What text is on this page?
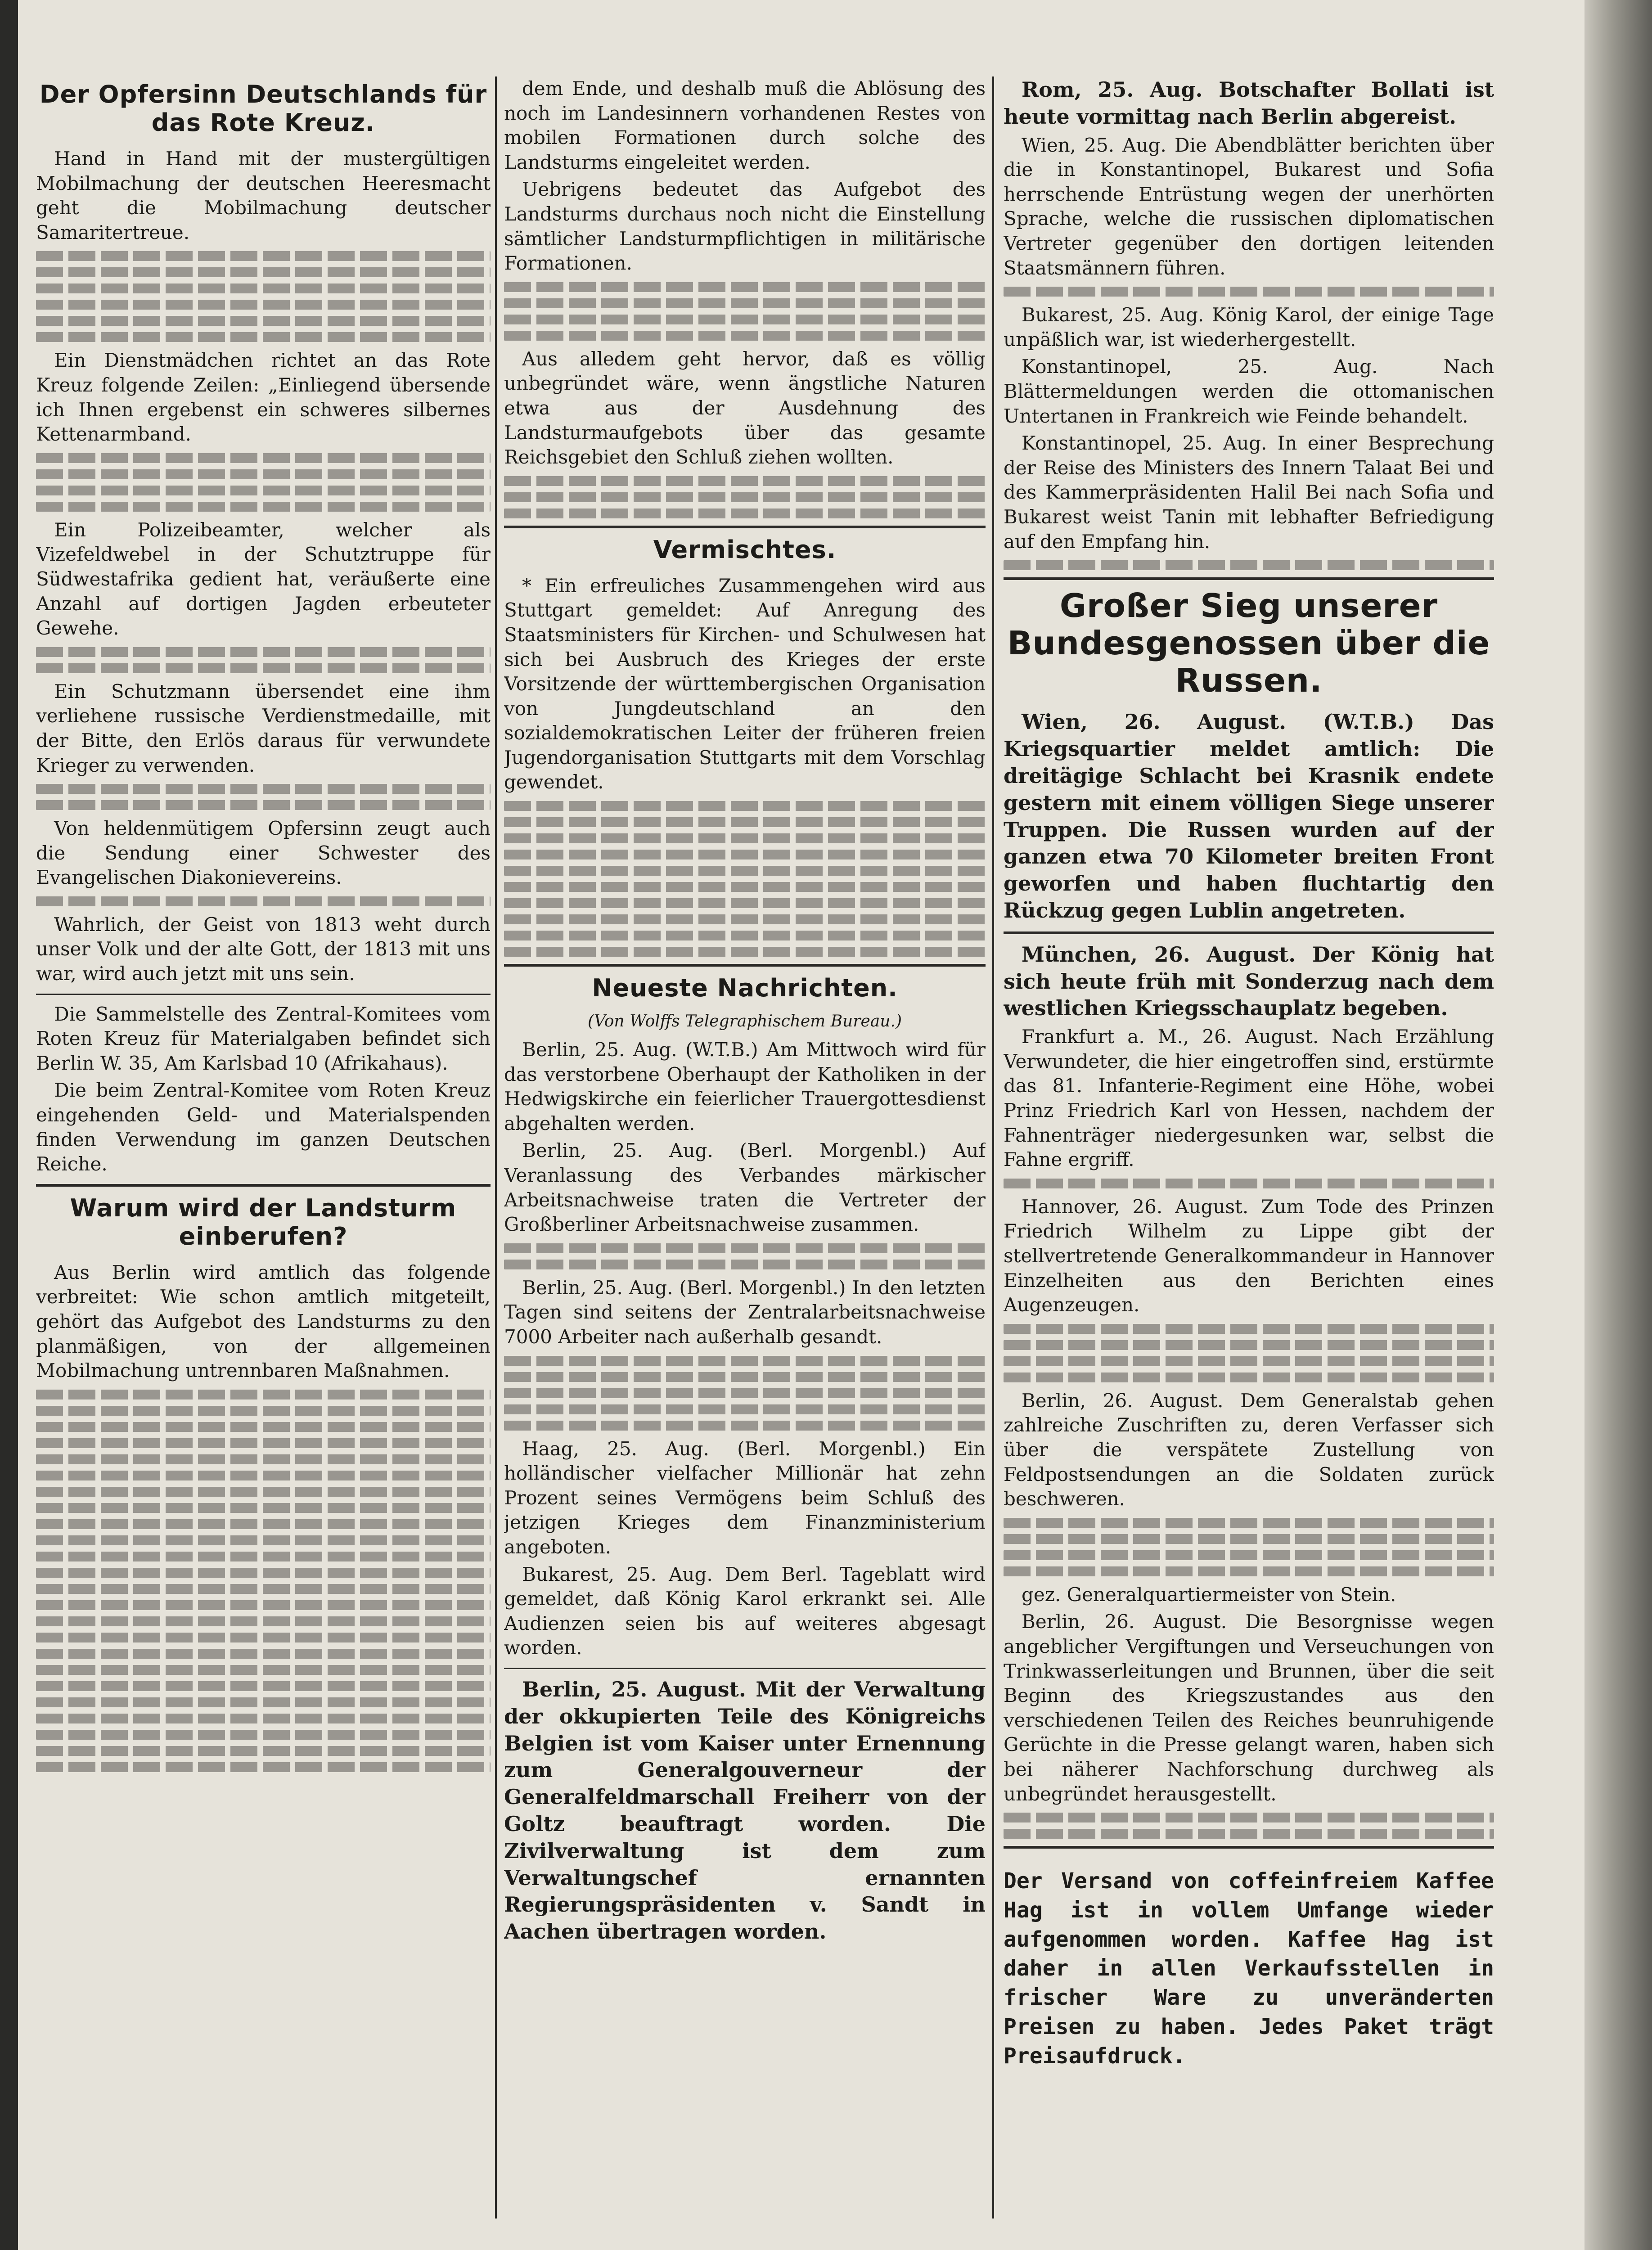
Der Opfersinn Deutschlands für das Rote Kreuz.

Hand in Hand mit der mustergültigen Mobilmachung der deutschen Heeresmacht geht die Mobilmachung deutscher Samaritertreue.

Ein Dienstmädchen richtet an das Rote Kreuz folgende Zeilen: „Einliegend übersende ich Ihnen ergebenst ein schweres silbernes Kettenarmband.

Ein Polizeibeamter, welcher als Vizefeldwebel in der Schutztruppe für Südwestafrika gedient hat, veräußerte eine Anzahl auf dortigen Jagden erbeuteter Gewehe.

Ein Schutzmann übersendet eine ihm verliehene russische Verdienstmedaille, mit der Bitte, den Erlös daraus für verwundete Krieger zu verwenden.

Von heldenmütigem Opfersinn zeugt auch die Sendung einer Schwester des Evangelischen Diakonievereins.

Wahrlich, der Geist von 1813 weht durch unser Volk und der alte Gott, der 1813 mit uns war, wird auch jetzt mit uns sein.

Die Sammelstelle des Zentral-Komitees vom Roten Kreuz für Materialgaben befindet sich Berlin W. 35, Am Karlsbad 10 (Afrikahaus).

Die beim Zentral-Komitee vom Roten Kreuz eingehenden Geld- und Materialspenden finden Verwendung im ganzen Deutschen Reiche.

Warum wird der Landsturm einberufen?

Aus Berlin wird amtlich das folgende verbreitet: Wie schon amtlich mitgeteilt, gehört das Aufgebot des Landsturms zu den planmäßigen, von der allgemeinen Mobilmachung untrennbaren Maßnahmen.

dem Ende, und deshalb muß die Ablösung des noch im Landesinnern vorhandenen Restes von mobilen Formationen durch solche des Landsturms eingeleitet werden.

Uebrigens bedeutet das Aufgebot des Landsturms durchaus noch nicht die Einstellung sämtlicher Landsturmpflichtigen in militärische Formationen.

Aus alledem geht hervor, daß es völlig unbegründet wäre, wenn ängstliche Naturen etwa aus der Ausdehnung des Landsturmaufgebots über das gesamte Reichsgebiet den Schluß ziehen wollten.

Vermischtes.

* Ein erfreuliches Zusammengehen wird aus Stuttgart gemeldet: Auf Anregung des Staatsministers für Kirchen- und Schulwesen hat sich bei Ausbruch des Krieges der erste Vorsitzende der württembergischen Organisation von Jungdeutschland an den sozialdemokratischen Leiter der früheren freien Jugendorganisation Stuttgarts mit dem Vorschlag gewendet.

Neueste Nachrichten.
(Von Wolffs Telegraphischem Bureau.)

Berlin, 25. Aug. (W.T.B.) Am Mittwoch wird für das verstorbene Oberhaupt der Katholiken in der Hedwigskirche ein feierlicher Trauergottesdienst abgehalten werden.

Berlin, 25. Aug. (Berl. Morgenbl.) Auf Veranlassung des Verbandes märkischer Arbeitsnachweise traten die Vertreter der Großberliner Arbeitsnachweise zusammen.

Berlin, 25. Aug. (Berl. Morgenbl.) In den letzten Tagen sind seitens der Zentralarbeitsnachweise 7000 Arbeiter nach außerhalb gesandt.

Haag, 25. Aug. (Berl. Morgenbl.) Ein holländischer vielfacher Millionär hat zehn Prozent seines Vermögens beim Schluß des jetzigen Krieges dem Finanzministerium angeboten.

Bukarest, 25. Aug. Dem Berl. Tageblatt wird gemeldet, daß König Karol erkrankt sei. Alle Audienzen seien bis auf weiteres abgesagt worden.

Berlin, 25. August. Mit der Verwaltung der okkupierten Teile des Königreichs Belgien ist vom Kaiser unter Ernennung zum Generalgouverneur der Generalfeldmarschall Freiherr von der Goltz beauftragt worden. Die Zivilverwaltung ist dem zum Verwaltungschef ernannten Regierungspräsidenten v. Sandt in Aachen übertragen worden.

Rom, 25. Aug. Botschafter Bollati ist heute vormittag nach Berlin abgereist.

Wien, 25. Aug. Die Abendblätter berichten über die in Konstantinopel, Bukarest und Sofia herrschende Entrüstung wegen der unerhörten Sprache, welche die russischen diplomatischen Vertreter gegenüber den dortigen leitenden Staatsmännern führen.

Bukarest, 25. Aug. König Karol, der einige Tage unpäßlich war, ist wiederhergestellt.

Konstantinopel, 25. Aug. Nach Blättermeldungen werden die ottomanischen Untertanen in Frankreich wie Feinde behandelt.

Konstantinopel, 25. Aug. In einer Besprechung der Reise des Ministers des Innern Talaat Bei und des Kammerpräsidenten Halil Bei nach Sofia und Bukarest weist Tanin mit lebhafter Befriedigung auf den Empfang hin.

Großer Sieg unserer Bundesgenossen über die Russen.

Wien, 26. August. (W.T.B.) Das Kriegsquartier meldet amtlich: Die dreitägige Schlacht bei Krasnik endete gestern mit einem völligen Siege unserer Truppen. Die Russen wurden auf der ganzen etwa 70 Kilometer breiten Front geworfen und haben fluchtartig den Rückzug gegen Lublin angetreten.

München, 26. August. Der König hat sich heute früh mit Sonderzug nach dem westlichen Kriegsschauplatz begeben.

Frankfurt a. M., 26. August. Nach Erzählung Verwundeter, die hier eingetroffen sind, erstürmte das 81. Infanterie-Regiment eine Höhe, wobei Prinz Friedrich Karl von Hessen, nachdem der Fahnenträger niedergesunken war, selbst die Fahne ergriff.

Hannover, 26. August. Zum Tode des Prinzen Friedrich Wilhelm zu Lippe gibt der stellvertretende Generalkommandeur in Hannover Einzelheiten aus den Berichten eines Augenzeugen.

Berlin, 26. August. Dem Generalstab gehen zahlreiche Zuschriften zu, deren Verfasser sich über die verspätete Zustellung von Feldpostsendungen an die Soldaten zurück beschweren.

gez. Generalquartiermeister von Stein.

Berlin, 26. August. Die Besorgnisse wegen angeblicher Vergiftungen und Verseuchungen von Trinkwasserleitungen und Brunnen, über die seit Beginn des Kriegszustandes aus den verschiedenen Teilen des Reiches beunruhigende Gerüchte in die Presse gelangt waren, haben sich bei näherer Nachforschung durchweg als unbegründet herausgestellt.

Der Versand von coffeinfreiem Kaffee Hag ist in vollem Umfange wieder aufgenommen worden. Kaffee Hag ist daher in allen Verkaufsstellen in frischer Ware zu unveränderten Preisen zu haben. Jedes Paket trägt Preisaufdruck.
